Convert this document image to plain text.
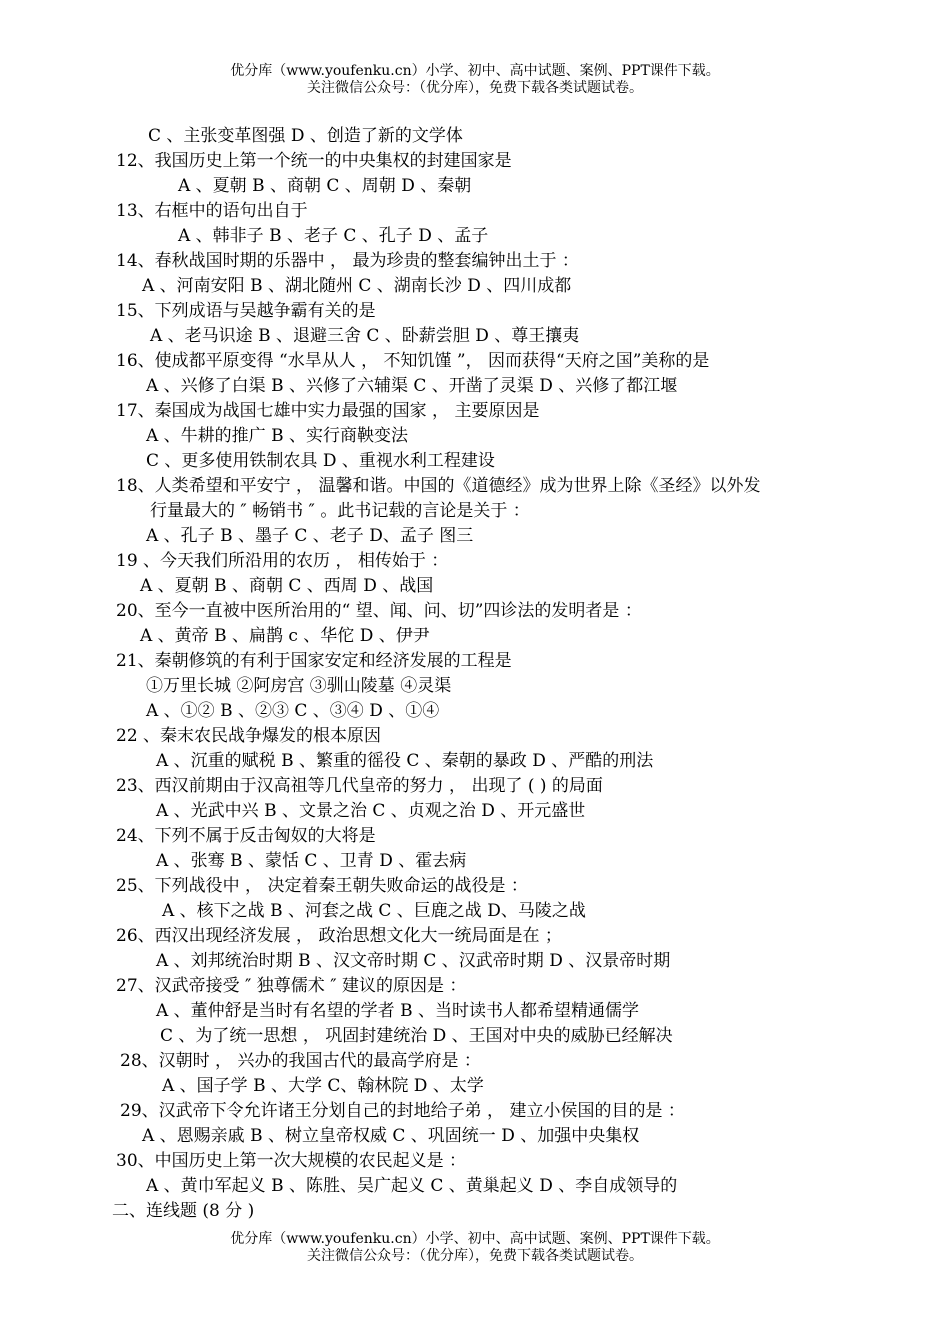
优分库（www.youfenku.cn）小学、初中、高中试题、案例、PPT课件下载。
关注微信公众号：（优分库），免费下载各类试题试卷。
C 、主张变革图强 D 、创造了新的文学体
12、我国历史上第一个统一的中央集权的封建国家是
A 、夏朝 B 、商朝 C 、周朝 D 、秦朝
13、右框中的语句出自于
A 、韩非子 B 、老子 C 、孔子 D 、孟子
14、春秋战国时期的乐器中 ， 最为珍贵的整套编钟出土于 ：
A 、河南安阳 B 、湖北随州 C 、湖南长沙 D 、四川成都
15、下列成语与吴越争霸有关的是
A 、老马识途 B 、退避三舍 C 、卧薪尝胆 D 、尊王攘夷
16、使成都平原变得 “水旱从人 ， 不知饥馑 ”， 因而获得“天府之国”美称的是
A 、兴修了白渠 B 、兴修了六辅渠 C 、开凿了灵渠 D 、兴修了都江堰
17、秦国成为战国七雄中实力最强的国家 ， 主要原因是
A 、牛耕的推广 B 、实行商鞅变法
C 、更多使用铁制农具 D 、重视水利工程建设
18、人类希望和平安宁 ， 温馨和谐。中国的《道德经》成为世界上除《圣经》以外发
行量最大的 ″ 畅销书 ″ 。此书记载的言论是关于 ：
A 、孔子 B 、墨子 C 、老子 D、孟子 图三
19 、今天我们所沿用的农历 ， 相传始于 ：
A 、夏朝 B 、商朝 C 、西周 D 、战国
20、至今一直被中医所治用的“ 望、闻、问、切”四诊法的发明者是 ：
A 、黄帝 B 、扁鹊 c 、华佗 D 、伊尹
21、秦朝修筑的有利于国家安定和经济发展的工程是
①万里长城 ②阿房宫 ③驯山陵墓 ④灵渠
A 、①② B 、②③ C 、③④ D 、①④
22 、秦末农民战争爆发的根本原因
A 、沉重的赋税 B 、繁重的徭役 C 、秦朝的暴政 D 、严酷的刑法
23、西汉前期由于汉高祖等几代皇帝的努力 ， 出现了 ( ) 的局面
A 、光武中兴 B 、文景之治 C 、贞观之治 D 、开元盛世
24、下列不属于反击匈奴的大将是
A 、张骞 B 、蒙恬 C 、卫青 D 、霍去病
25、下列战役中 ， 决定着秦王朝失败命运的战役是 ：
A 、核下之战 B 、河套之战 C 、巨鹿之战 D、马陵之战
26、西汉出现经济发展 ， 政治思想文化大一统局面是在 ；
A 、刘邦统治时期 B 、汉文帝时期 C 、汉武帝时期 D 、汉景帝时期
27、汉武帝接受 ″ 独尊儒术 ″ 建议的原因是 ：
A 、董仲舒是当时有名望的学者 B 、当时读书人都希望精通儒学
C 、为了统一思想 ， 巩固封建统治 D 、王国对中央的威胁已经解决
28、汉朝时 ， 兴办的我国古代的最高学府是 ：
A 、国子学 B 、大学 C、翰林院 D 、太学
29、汉武帝下令允许诸王分划自己的封地给子弟 ， 建立小侯国的目的是 ：
A 、恩赐亲戚 B 、树立皇帝权威 C 、巩固统一 D 、加强中央集权
30、中国历史上第一次大规模的农民起义是 ：
A 、黄巾军起义 B 、陈胜、吴广起义 C 、黄巢起义 D 、李自成领导的
二、连线题 (8 分 )
优分库（www.youfenku.cn）小学、初中、高中试题、案例、PPT课件下载。
关注微信公众号：（优分库），免费下载各类试题试卷。
